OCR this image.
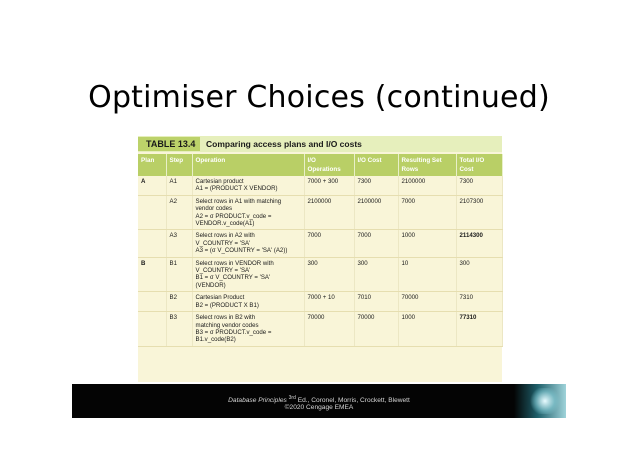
Optimiser Choices (continued)
TABLE 13.4	Comparing access plans and I/O costs
Plan	Step	Operation	I/O Operations	I/O Cost	Resulting Set Rows	Total I/O Cost
A	A1	Cartesian product
A1 = (PRODUCT X VENDOR)	7000 + 300	7300	2100000	7300
	A2	Select rows in A1 with matching
vendor codes
A2 = σ PRODUCT.v_code =
VENDOR.v_code(A1)	2100000	2100000	7000	2107300
	A3	Select rows in A2 with
V_COUNTRY = 'SA'
A3 = (σ V_COUNTRY = 'SA' (A2))	7000	7000	1000	2114300
B	B1	Select rows in VENDOR with
V_COUNTRY = 'SA'
B1 = σ V_COUNTRY = 'SA'
(VENDOR)	300	300	10	300
	B2	Cartesian Product
B2 = (PRODUCT X B1)	7000 + 10	7010	70000	7310
	B3	Select rows in B2 with
matching vendor codes
B3 = σ PRODUCT.v_code =
B1.v_code(B2)	70000	70000	1000	77310
Database Principles $^{3rd}$ Ed., Coronel, Morris, Crockett, Blewett
©2020 Cengage EMEA
